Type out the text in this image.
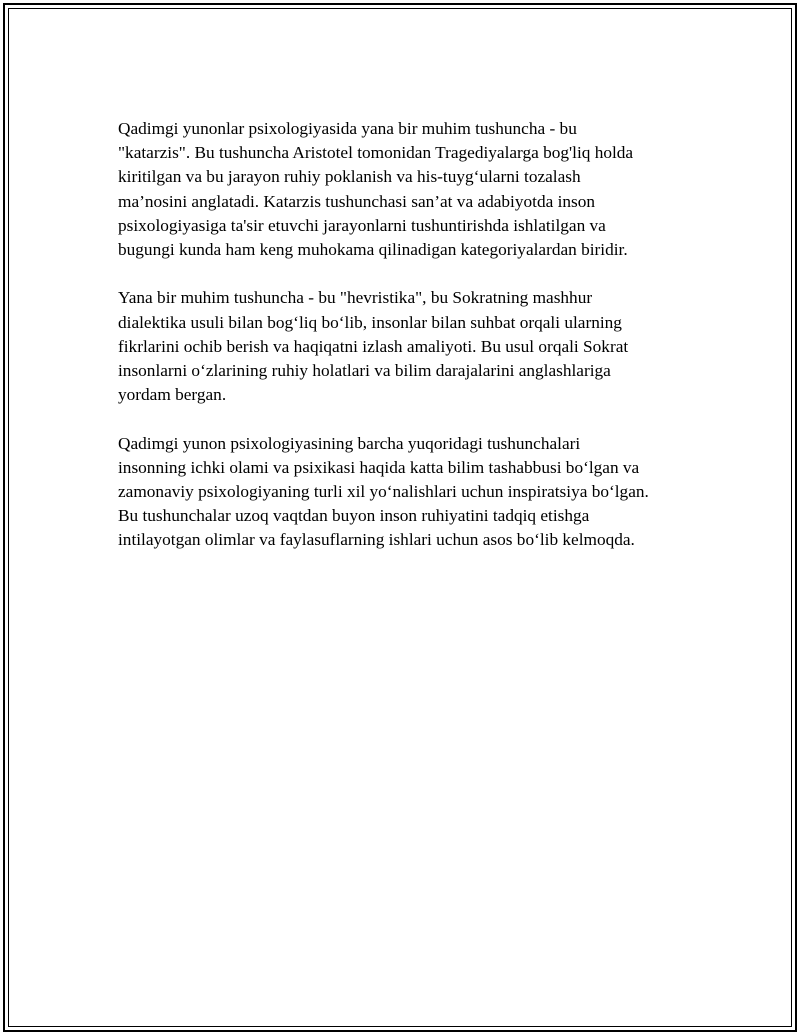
Qadimgi yunonlar psixologiyasida yana bir muhim tushuncha - bu
"katarzis". Bu tushuncha Aristotel tomonidan Tragediyalarga bog'liq holda
kiritilgan va bu jarayon ruhiy poklanish va his-tuyg‘ularni tozalash
ma’nosini anglatadi. Katarzis tushunchasi san’at va adabiyotda inson
psixologiyasiga ta'sir etuvchi jarayonlarni tushuntirishda ishlatilgan va
bugungi kunda ham keng muhokama qilinadigan kategoriyalardan biridir.

Yana bir muhim tushuncha - bu "hevristika", bu Sokratning mashhur
dialektika usuli bilan bog‘liq bo‘lib, insonlar bilan suhbat orqali ularning
fikrlarini ochib berish va haqiqatni izlash amaliyoti. Bu usul orqali Sokrat
insonlarni o‘zlarining ruhiy holatlari va bilim darajalarini anglashlariga
yordam bergan.

Qadimgi yunon psixologiyasining barcha yuqoridagi tushunchalari
insonning ichki olami va psixikasi haqida katta bilim tashabbusi bo‘lgan va
zamonaviy psixologiyaning turli xil yo‘nalishlari uchun inspiratsiya bo‘lgan.
Bu tushunchalar uzoq vaqtdan buyon inson ruhiyatini tadqiq etishga
intilayotgan olimlar va faylasuflarning ishlari uchun asos bo‘lib kelmoqda.
